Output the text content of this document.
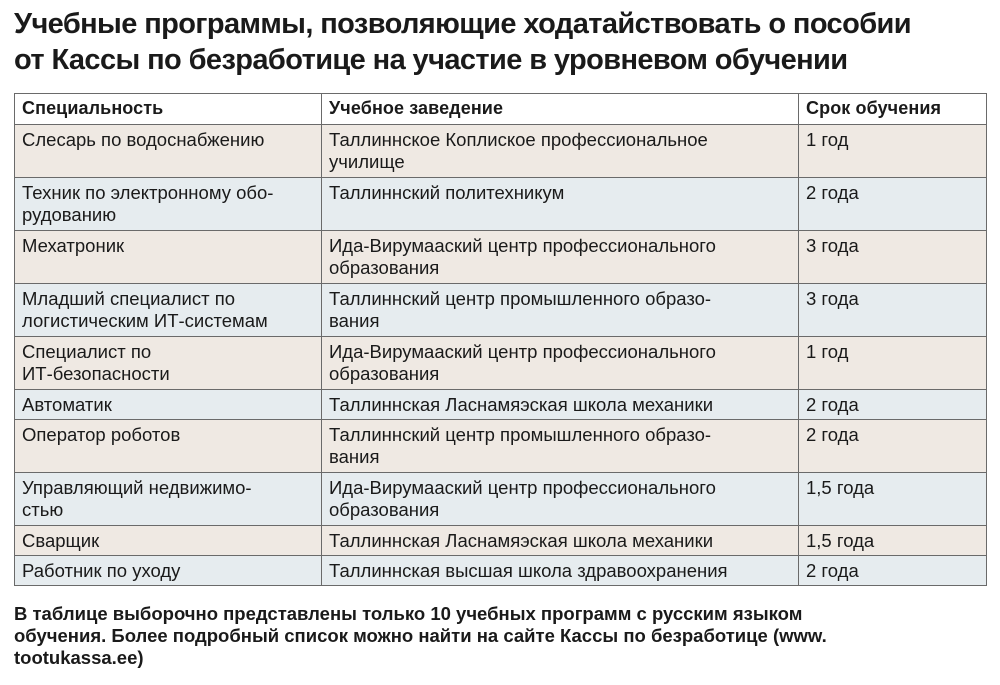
Учебные программы, позволяющие ходатайствовать о пособии
от Кассы по безработице на участие в уровневом обучении
Специальность	Учебное заведение	Срок обучения

Слесарь по водоснабжению	Таллиннское Коплиское профессиональное
училище	1 год

Техник по электронному обо-
рудованию	Таллиннский политехникум	2 года

Мехатроник	Ида-Вирумааский центр профессионального
образования	3 года

Младший специалист по
логистическим ИТ-системам	Таллиннский центр промышленного образо-
вания	3 года

Специалист по
ИТ-безопасности	Ида-Вирумааский центр профессионального
образования	1 год

Автоматик	Таллиннская Ласнамяэская школа механики	2 года

Оператор роботов	Таллиннский центр промышленного образо-
вания	2 года

Управляющий недвижимо-
стью	Ида-Вирумааский центр профессионального
образования	1,5 года

Сварщик	Таллиннская Ласнамяэская школа механики	1,5 года

Работник по уходу	Таллиннская высшая школа здравоохранения	2 года
В таблице выборочно представлены только 10 учебных программ с русским языком
обучения. Более подробный список можно найти на сайте Кассы по безработице (www.
tootukassa.ee)
